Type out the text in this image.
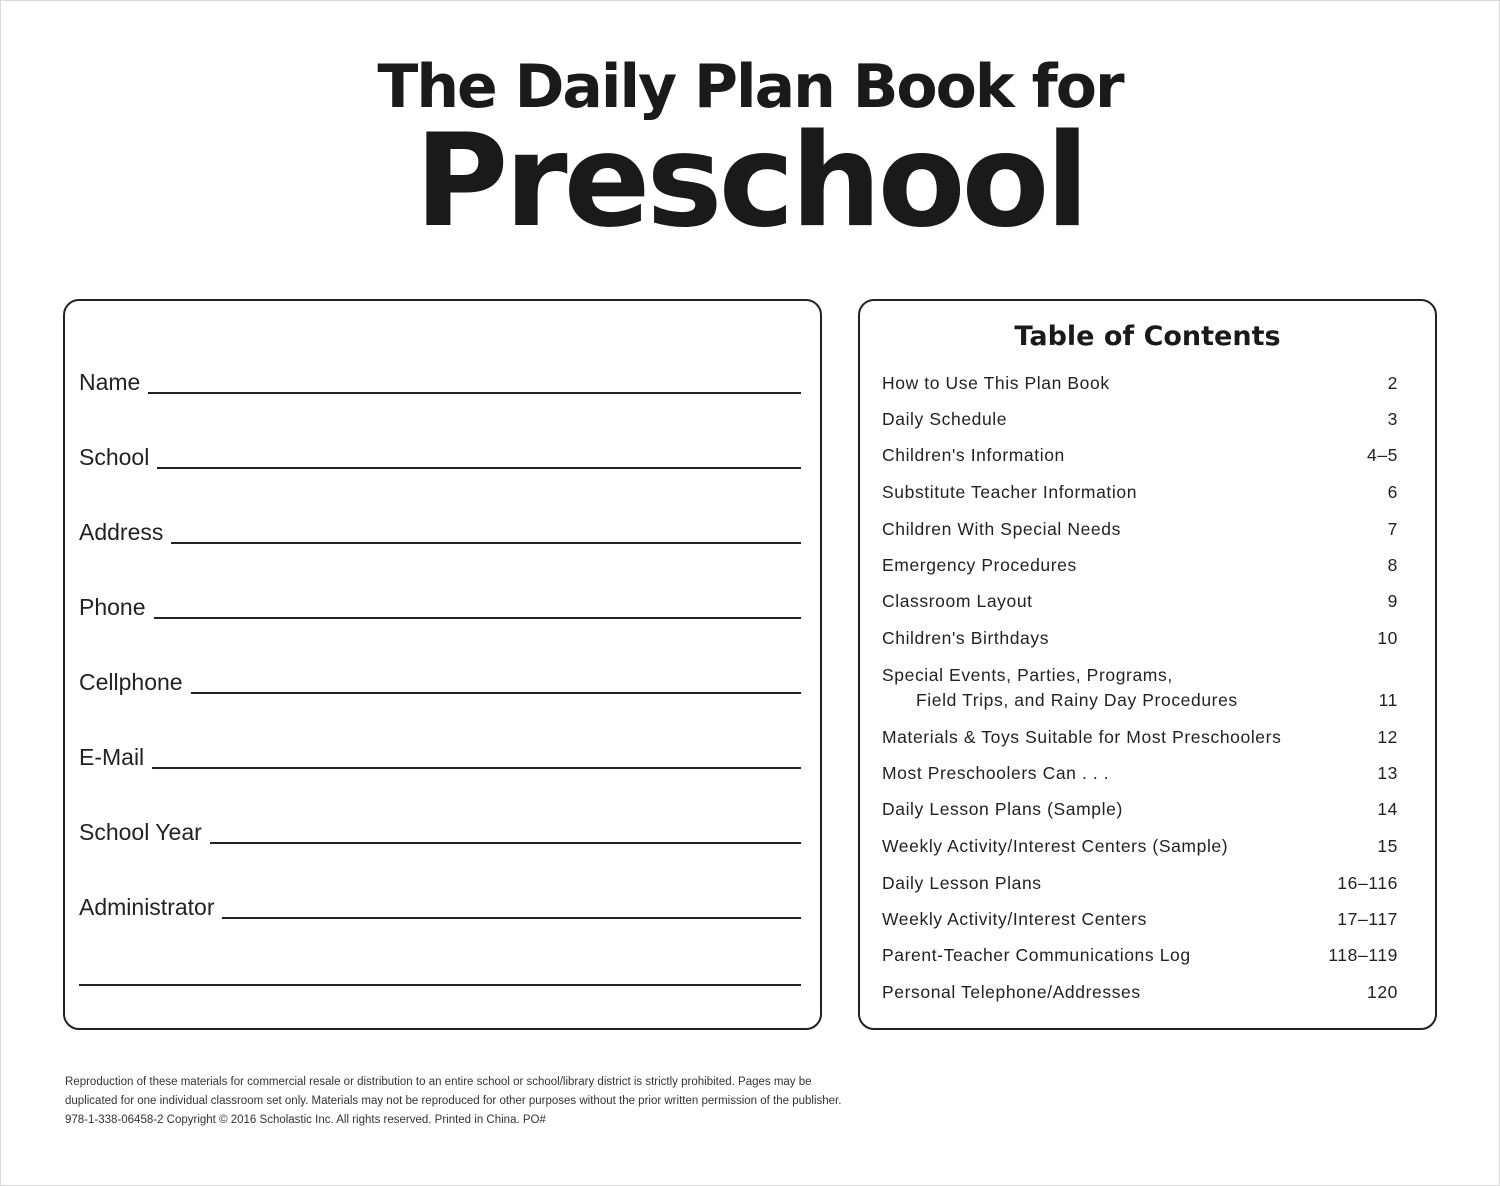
The Daily Plan Book for
Preschool
Name
School
Address
Phone
Cellphone
E-Mail
School Year
Administrator
Table of Contents
How to Use This Plan Book	2
Daily Schedule	3
Children's Information	4–5
Substitute Teacher Information	6
Children With Special Needs	7
Emergency Procedures	8
Classroom Layout	9
Children's Birthdays	10
Special Events, Parties, Programs,
Field Trips, and Rainy Day Procedures	11
Materials & Toys Suitable for Most Preschoolers	12
Most Preschoolers Can . . .	13
Daily Lesson Plans (Sample)	14
Weekly Activity/Interest Centers (Sample)	15
Daily Lesson Plans	16–116
Weekly Activity/Interest Centers	17–117
Parent-Teacher Communications Log	118–119
Personal Telephone/Addresses	120
Reproduction of these materials for commercial resale or distribution to an entire school or school/library district is strictly prohibited. Pages may be
duplicated for one individual classroom set only. Materials may not be reproduced for other purposes without the prior written permission of the publisher.
978-1-338-06458-2 Copyright © 2016 Scholastic Inc. All rights reserved. Printed in China. PO#
